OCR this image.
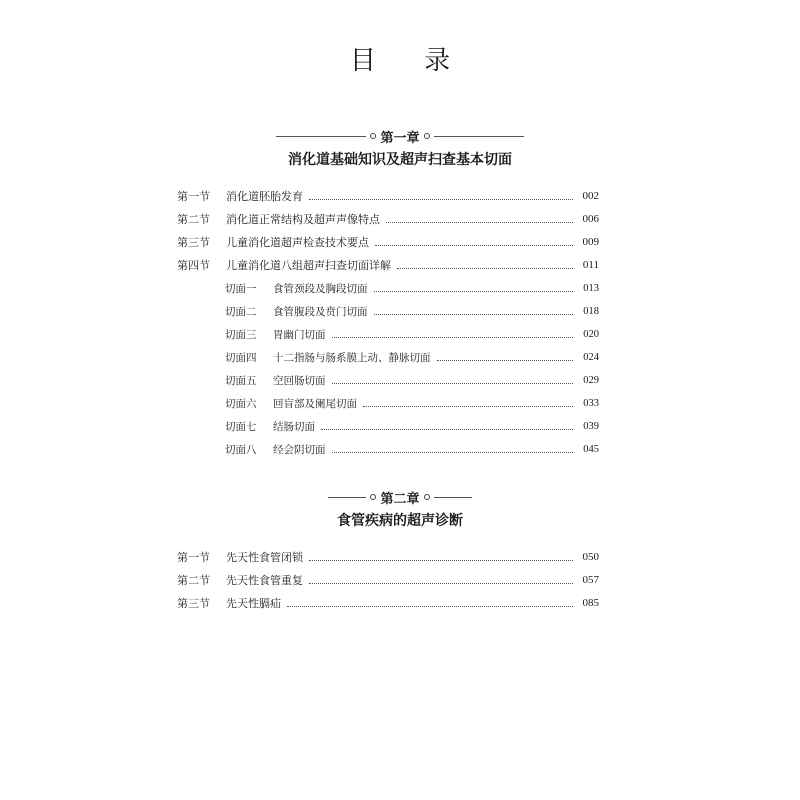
目 录
第一章
消化道基础知识及超声扫查基本切面
第一节	消化道胚胎发育	002
第二节	消化道正常结构及超声声像特点	006
第三节	儿童消化道超声检查技术要点	009
第四节	儿童消化道八组超声扫查切面详解	011
切面一	食管颈段及胸段切面	013
切面二	食管腹段及贲门切面	018
切面三	胃幽门切面	020
切面四	十二指肠与肠系膜上动、静脉切面	024
切面五	空回肠切面	029
切面六	回盲部及阑尾切面	033
切面七	结肠切面	039
切面八	经会阴切面	045
第二章
食管疾病的超声诊断
第一节	先天性食管闭锁	050
第二节	先天性食管重复	057
第三节	先天性膈疝	085
